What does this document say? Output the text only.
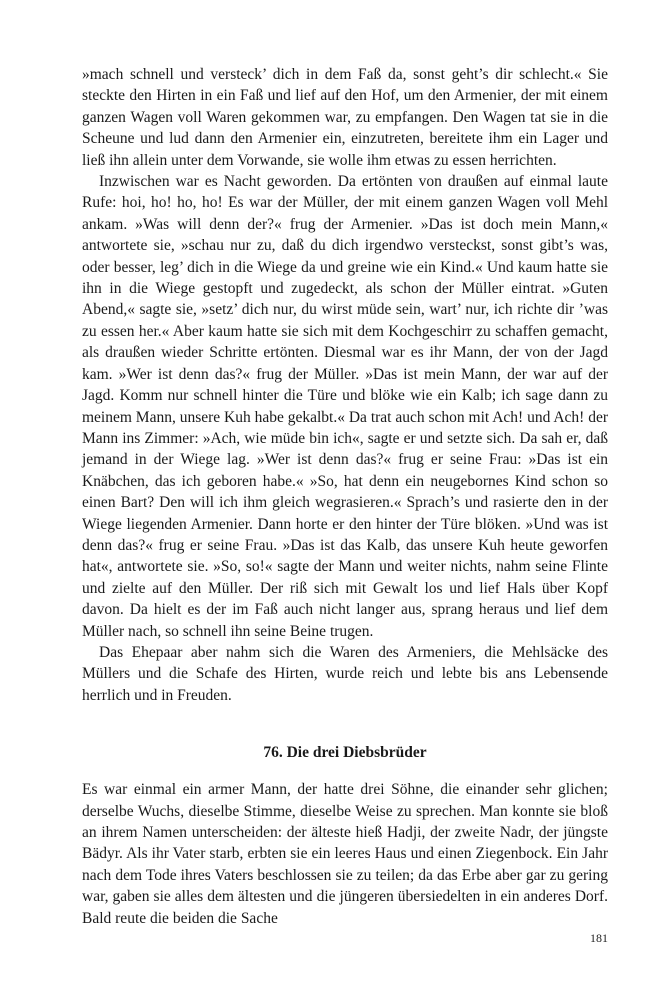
»mach schnell und versteck’ dich in dem Faß da, sonst geht’s dir schlecht.« Sie steckte den Hirten in ein Faß und lief auf den Hof, um den Armenier, der mit einem ganzen Wagen voll Waren gekommen war, zu empfangen. Den Wagen tat sie in die Scheune und lud dann den Armenier ein, einzutreten, bereitete ihm ein Lager und ließ ihn allein unter dem Vorwande, sie wolle ihm etwas zu essen herrichten.

Inzwischen war es Nacht geworden. Da ertönten von draußen auf einmal laute Rufe: hoi, ho! ho, ho! Es war der Müller, der mit einem ganzen Wagen voll Mehl ankam. »Was will denn der?« frug der Armenier. »Das ist doch mein Mann,« antwortete sie, »schau nur zu, daß du dich irgendwo versteckst, sonst gibt’s was, oder besser, leg’ dich in die Wiege da und greine wie ein Kind.« Und kaum hatte sie ihn in die Wiege gestopft und zugedeckt, als schon der Müller eintrat. »Guten Abend,« sagte sie, »setz’ dich nur, du wirst müde sein, wart’ nur, ich richte dir ’was zu essen her.« Aber kaum hatte sie sich mit dem Kochgeschirr zu schaffen gemacht, als draußen wieder Schritte ertönten. Diesmal war es ihr Mann, der von der Jagd kam. »Wer ist denn das?« frug der Müller. »Das ist mein Mann, der war auf der Jagd. Komm nur schnell hinter die Türe und blöke wie ein Kalb; ich sage dann zu meinem Mann, unsere Kuh habe gekalbt.« Da trat auch schon mit Ach! und Ach! der Mann ins Zimmer: »Ach, wie müde bin ich«, sagte er und setzte sich. Da sah er, daß jemand in der Wiege lag. »Wer ist denn das?« frug er seine Frau: »Das ist ein Knäbchen, das ich geboren habe.« »So, hat denn ein neugebornes Kind schon so einen Bart? Den will ich ihm gleich wegrasieren.« Sprach’s und rasierte den in der Wiege liegenden Armenier. Dann horte er den hinter der Türe blöken. »Und was ist denn das?« frug er seine Frau. »Das ist das Kalb, das unsere Kuh heute geworfen hat«, antwortete sie. »So, so!« sagte der Mann und weiter nichts, nahm seine Flinte und zielte auf den Müller. Der riß sich mit Gewalt los und lief Hals über Kopf davon. Da hielt es der im Faß auch nicht langer aus, sprang heraus und lief dem Müller nach, so schnell ihn seine Beine trugen.

Das Ehepaar aber nahm sich die Waren des Armeniers, die Mehlsäcke des Müllers und die Schafe des Hirten, wurde reich und lebte bis ans Lebensende herrlich und in Freuden.

76. Die drei Diebsbrüder

Es war einmal ein armer Mann, der hatte drei Söhne, die einander sehr glichen; derselbe Wuchs, dieselbe Stimme, dieselbe Weise zu sprechen. Man konnte sie bloß an ihrem Namen unterscheiden: der älteste hieß Hadji, der zweite Nadr, der jüngste Bädyr. Als ihr Vater starb, erbten sie ein leeres Haus und einen Ziegenbock. Ein Jahr nach dem Tode ihres Vaters beschlossen sie zu teilen; da das Erbe aber gar zu gering war, gaben sie alles dem ältesten und die jüngeren übersiedelten in ein anderes Dorf. Bald reute die beiden die Sache

181
